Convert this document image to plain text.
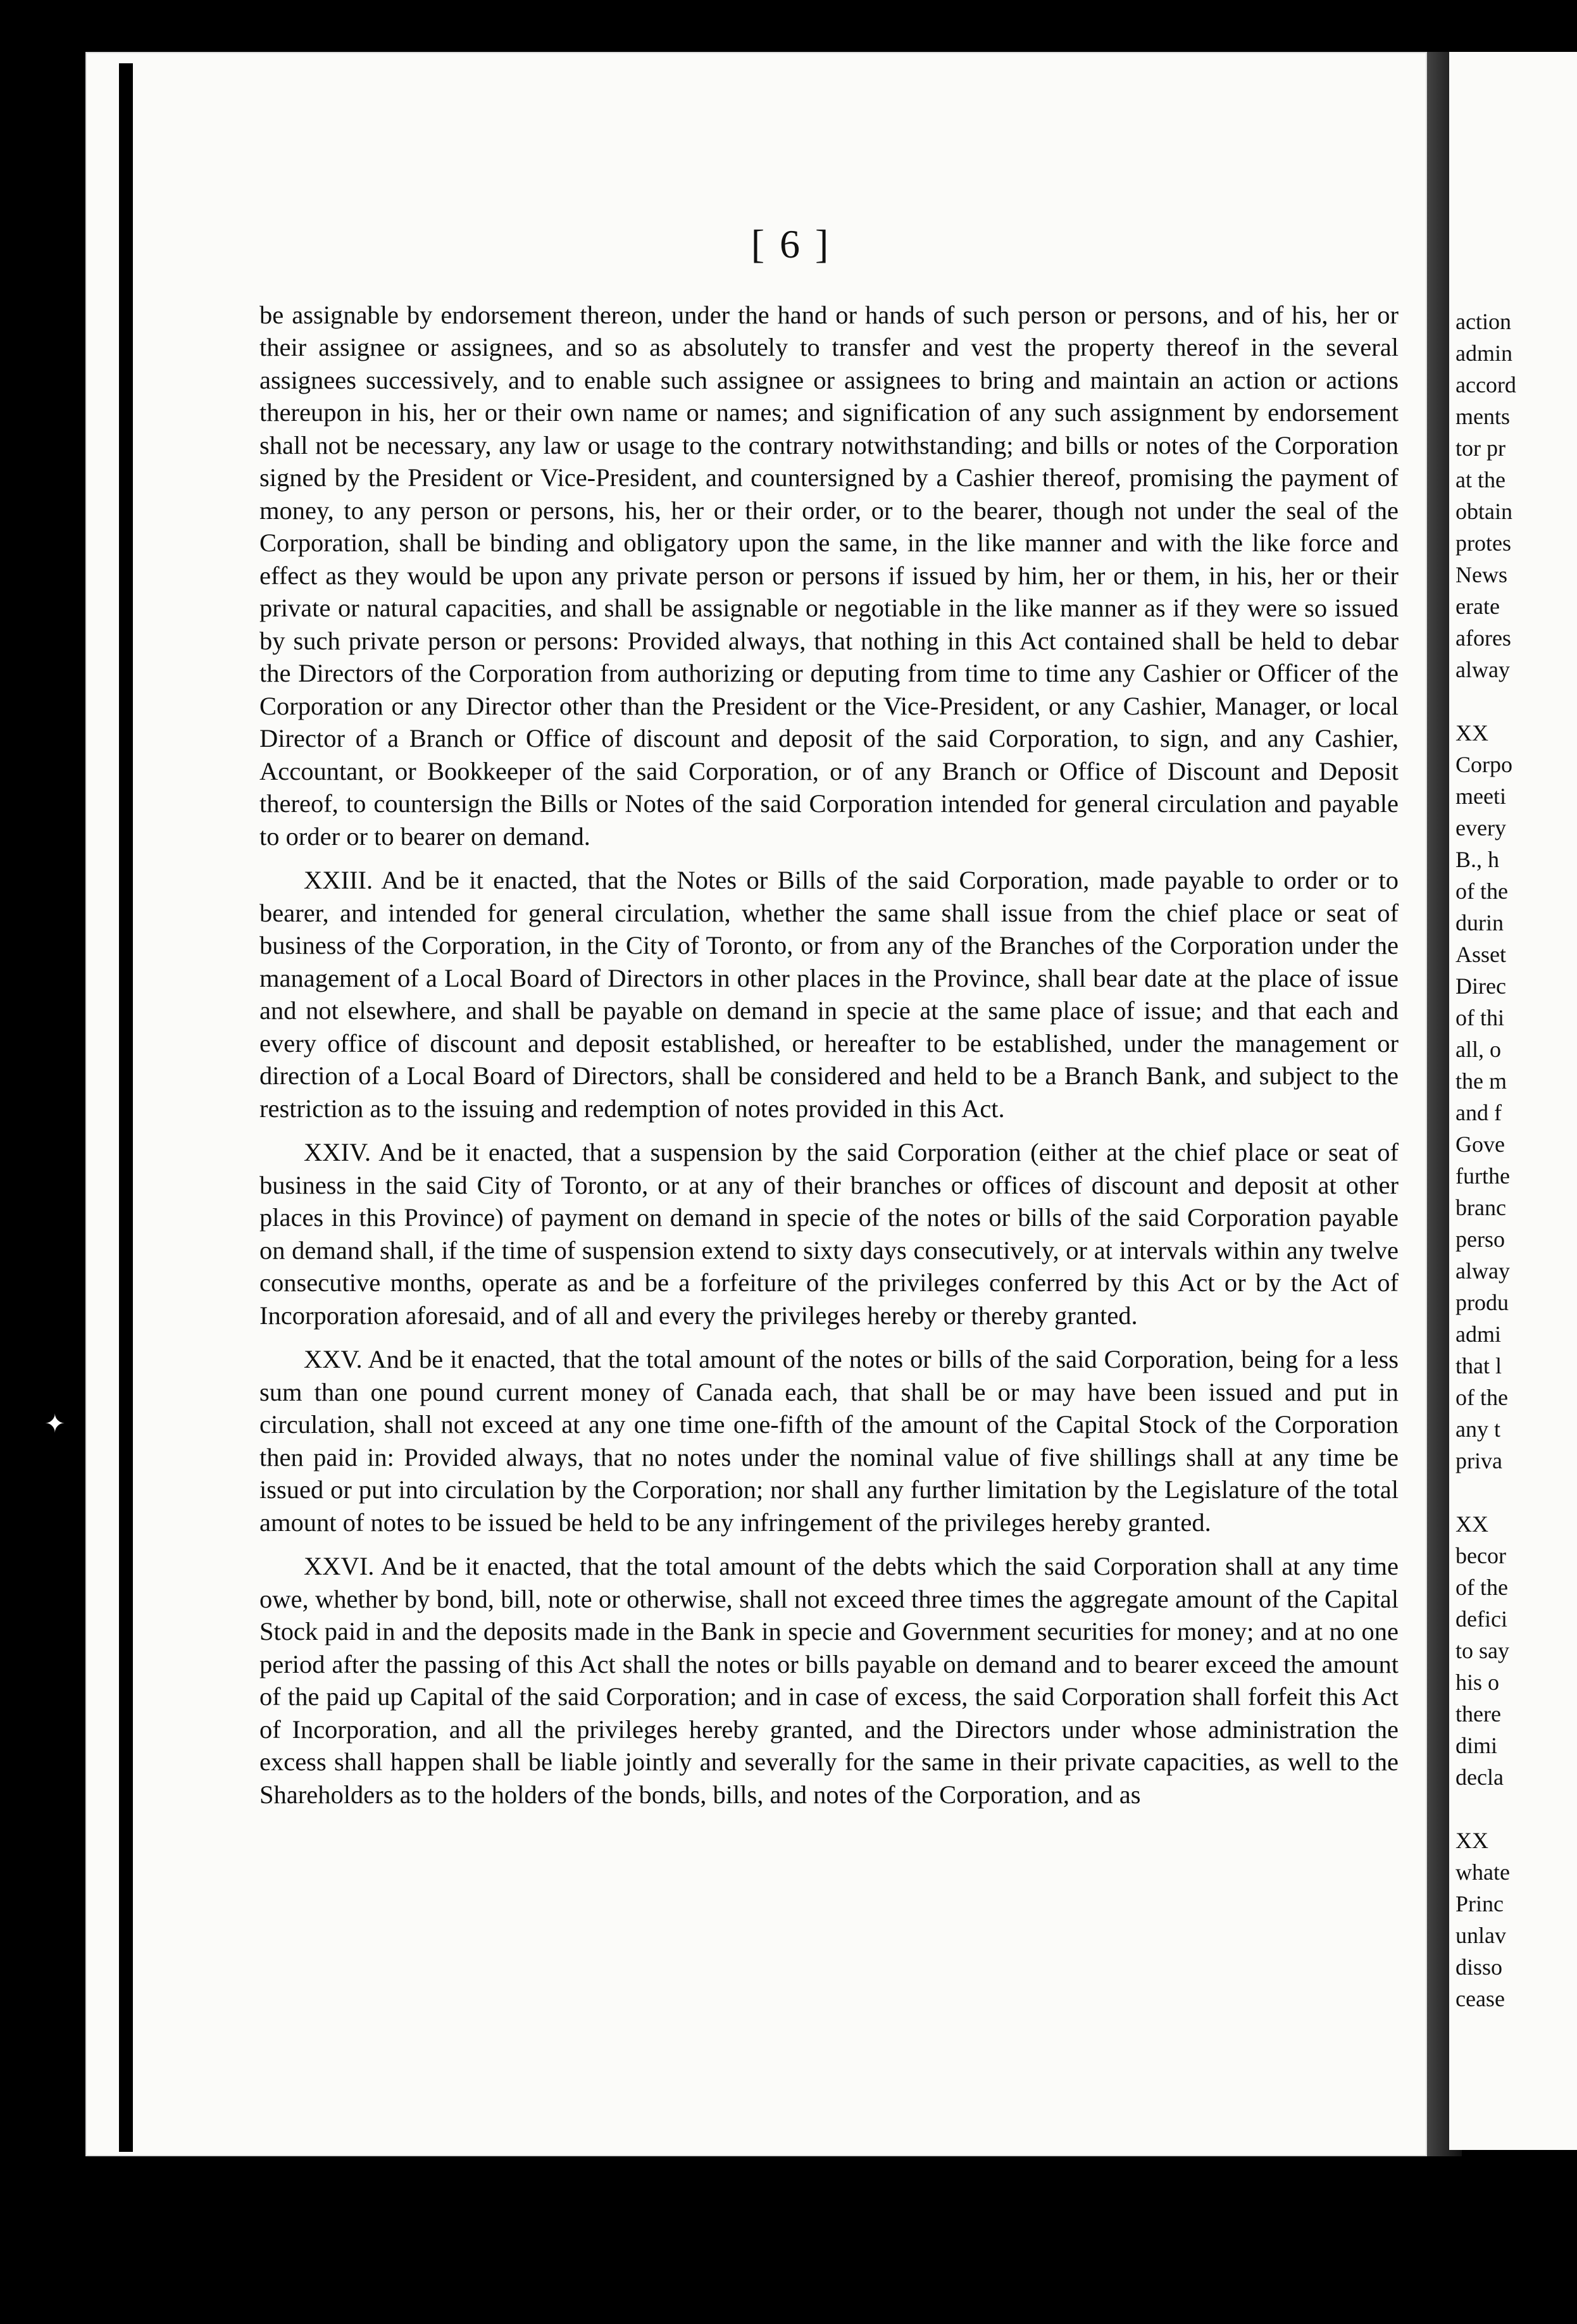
action
admin
accord
ments
tor pr
at the
obtain
protes
News
erate
afores
alway
XX
Corpo
meeti
every
B., h
of the
durin
Asset
Direc
of thi
all, o
the m
and f
Gove
furthe
branc
perso
alway
produ
admi
that l
of the
any t
priva
XX
becor
of the
defici
to say
his o
there
dimi
decla
XX
whate
Princ
unlav
disso
cease
✦
[ 6 ]

be assignable by endorsement thereon, under the hand or hands of such person or persons, and of his, her or their assignee or assignees, and so as absolutely to transfer and vest the property thereof in the several assignees successively, and to enable such assignee or assignees to bring and maintain an action or actions thereupon in his, her or their own name or names; and signification of any such assignment by endorsement shall not be necessary, any law or usage to the contrary notwithstanding; and bills or notes of the Corporation signed by the President or Vice-President, and countersigned by a Cashier thereof, promising the payment of money, to any person or persons, his, her or their order, or to the bearer, though not under the seal of the Corporation, shall be binding and obligatory upon the same, in the like manner and with the like force and effect as they would be upon any private person or persons if issued by him, her or them, in his, her or their private or natural capacities, and shall be assignable or negotiable in the like manner as if they were so issued by such private person or persons: Provided always, that nothing in this Act contained shall be held to debar the Directors of the Corporation from authorizing or deputing from time to time any Cashier or Officer of the Corporation or any Director other than the President or the Vice-President, or any Cashier, Manager, or local Director of a Branch or Office of discount and deposit of the said Corporation, to sign, and any Cashier, Accountant, or Bookkeeper of the said Corporation, or of any Branch or Office of Discount and Deposit thereof, to countersign the Bills or Notes of the said Corporation intended for general circulation and payable to order or to bearer on demand.

XXIII. And be it enacted, that the Notes or Bills of the said Corporation, made payable to order or to bearer, and intended for general circulation, whether the same shall issue from the chief place or seat of business of the Corporation, in the City of Toronto, or from any of the Branches of the Corporation under the management of a Local Board of Directors in other places in the Province, shall bear date at the place of issue and not elsewhere, and shall be payable on demand in specie at the same place of issue; and that each and every office of discount and deposit established, or hereafter to be established, under the management or direction of a Local Board of Directors, shall be considered and held to be a Branch Bank, and subject to the restriction as to the issuing and redemption of notes provided in this Act.

XXIV. And be it enacted, that a suspension by the said Corporation (either at the chief place or seat of business in the said City of Toronto, or at any of their branches or offices of discount and deposit at other places in this Province) of payment on demand in specie of the notes or bills of the said Corporation payable on demand shall, if the time of suspension extend to sixty days consecutively, or at intervals within any twelve consecutive months, operate as and be a forfeiture of the privileges conferred by this Act or by the Act of Incorporation aforesaid, and of all and every the privileges hereby or thereby granted.

XXV. And be it enacted, that the total amount of the notes or bills of the said Corporation, being for a less sum than one pound current money of Canada each, that shall be or may have been issued and put in circulation, shall not exceed at any one time one-fifth of the amount of the Capital Stock of the Corporation then paid in: Provided always, that no notes under the nominal value of five shillings shall at any time be issued or put into circulation by the Corporation; nor shall any further limitation by the Legislature of the total amount of notes to be issued be held to be any infringement of the privileges hereby granted.

XXVI. And be it enacted, that the total amount of the debts which the said Corporation shall at any time owe, whether by bond, bill, note or otherwise, shall not exceed three times the aggregate amount of the Capital Stock paid in and the deposits made in the Bank in specie and Government securities for money; and at no one period after the passing of this Act shall the notes or bills payable on demand and to bearer exceed the amount of the paid up Capital of the said Corporation; and in case of excess, the said Corporation shall forfeit this Act of Incorporation, and all the privileges hereby granted, and the Directors under whose administration the excess shall happen shall be liable jointly and severally for the same in their private capacities, as well to the Shareholders as to the holders of the bonds, bills, and notes of the Corporation, and as
